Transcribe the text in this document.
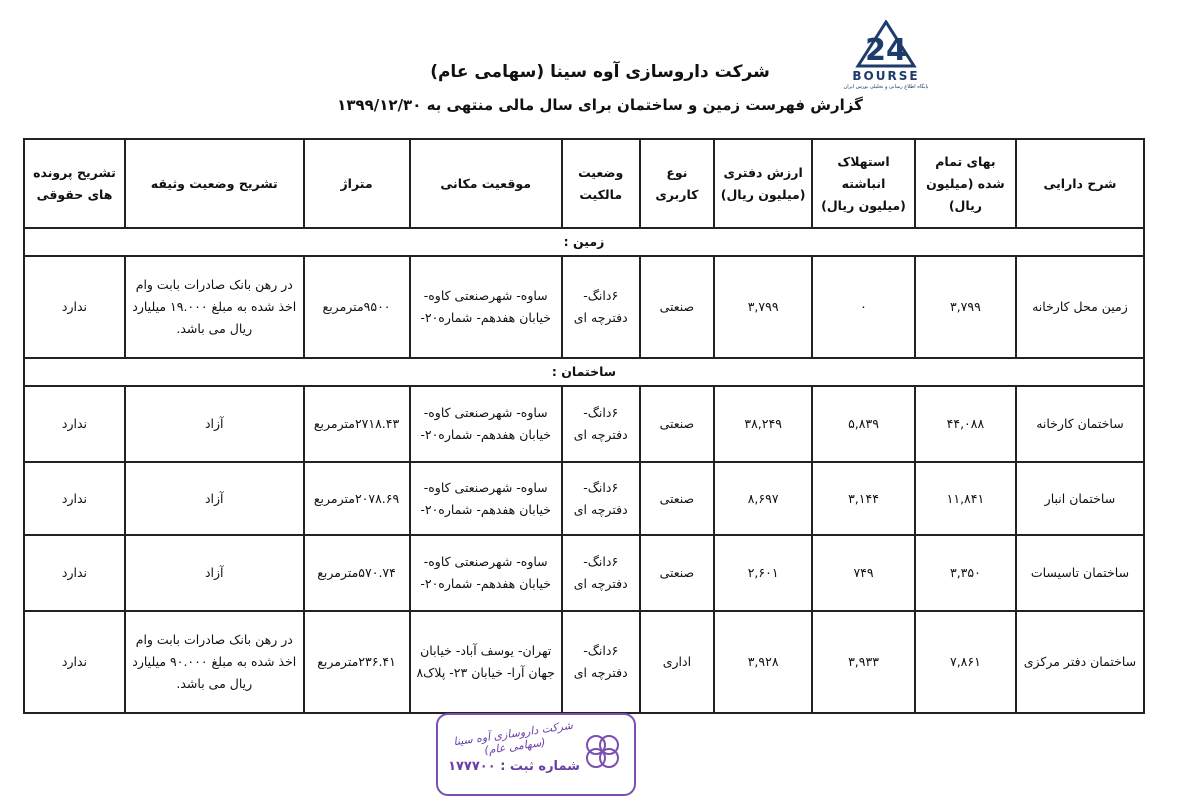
24
BOURSE
پایگاه اطلاع رسانی و تحلیلی بورس ایران
شرکت داروسازی آوه سینا (سهامی عام)
گزارش فهرست زمین و ساختمان برای سال مالی منتهی به ۱۳۹۹/۱۲/۳۰
شرح دارایی	بهای تمام شده (میلیون ریال)	استهلاک انباشته (میلیون ریال)	ارزش دفتری (میلیون ریال)	نوع کاربری	وضعیت مالکیت	موقعیت مکانی	متراژ	تشریح وضعیت وثیقه	تشریح پرونده های حقوقی
زمین :									
زمین محل کارخانه	۳,۷۹۹	۰	۳,۷۹۹	صنعتی	۶دانگ- دفترچه ای	ساوه- شهرصنعتی کاوه- خیابان هفدهم- شماره۲۰-	۹۵۰۰مترمربع	در رهن بانک صادرات بابت وام اخذ شده به مبلغ ۱۹.۰۰۰ میلیارد ریال می باشد.	ندارد
ساختمان :									
ساختمان کارخانه	۴۴,۰۸۸	۵,۸۳۹	۳۸,۲۴۹	صنعتی	۶دانگ- دفترچه ای	ساوه- شهرصنعتی کاوه- خیابان هفدهم- شماره۲۰-	۲۷۱۸.۴۳مترمربع	آزاد	ندارد
ساختمان انبار	۱۱,۸۴۱	۳,۱۴۴	۸,۶۹۷	صنعتی	۶دانگ- دفترچه ای	ساوه- شهرصنعتی کاوه- خیابان هفدهم- شماره۲۰-	۲۰۷۸.۶۹مترمربع	آزاد	ندارد
ساختمان تاسیسات	۳,۳۵۰	۷۴۹	۲,۶۰۱	صنعتی	۶دانگ- دفترچه ای	ساوه- شهرصنعتی کاوه- خیابان هفدهم- شماره۲۰-	۵۷۰.۷۴مترمربع	آزاد	ندارد
ساختمان دفتر مرکزی	۷,۸۶۱	۳,۹۳۳	۳,۹۲۸	اداری	۶دانگ- دفترچه ای	تهران- یوسف آباد- خیابان جهان آرا- خیابان ۲۳- پلاک۸	۲۳۶.۴۱مترمربع	در رهن بانک صادرات بابت وام اخذ شده به مبلغ ۹۰.۰۰۰ میلیارد ریال می باشد.	ندارد
شرکت داروسازی آوه سینا (سهامی عام)
شماره ثبت : ۱۷۷۷۰۰
